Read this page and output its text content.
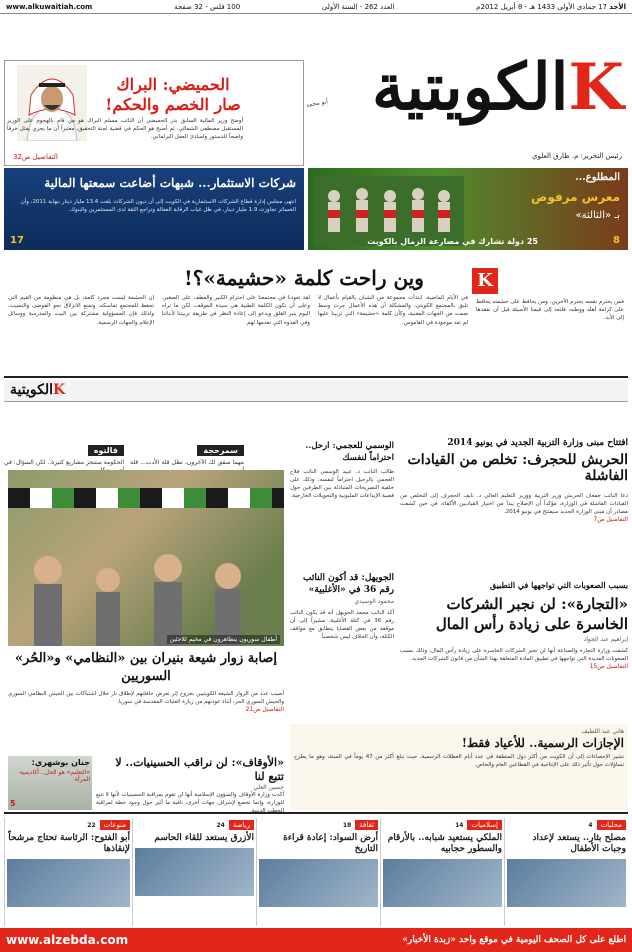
الأحد 17 جمادى الأولى 1433 هـ - 8 أبريل 2012م
العدد 262 - السنة الأولى
100 فلس - 32 صفحة
www.alkuwaitiah.com
Kالكويتية
رئيس التحرير: م. طارق العلوي
أبو محمد
الحميضي: البراك صار الخصم والحكم!
أوضح وزير المالية السابق بدر الحميضي أن النائب مسلم البراك هو من قام بالهجوم على الوزير المستقيل مصطفى الشمالي، ثم أصبح هو الحكم في قضية لجنة التحقيق، معتبراً أن ما يجري يمثل خرقاً واضحاً للدستور ولمبادئ العمل البرلماني.
التفاصيل ص32
شركات الاستثمار... شبهات أضاعت سمعتها المالية
انتهى مجلس إدارة قطاع الشركات الاستثمارية في الكويت إلى أن ديون الشركات بلغت 13.4 مليار دينار بنهاية 2011، وأن الخسائر تجاوزت 1.9 مليار دينار، في ظل غياب الرقابة الفعالة وتراجع الثقة لدى المستثمرين والبنوك.
17
المطلوع...
معرس مرفوض
بـ «الثالثة»
25 دولة تشارك في مصارعة الرمال بالكويت	8
K
وين راحت كلمة «حشيمة»؟!
في الأيام الماضية، ابتدأت مجموعة من الشبان بالقيام بأعمال لا تليق بالمجتمع الكويتي، والمشكلة أن هذه الأعمال جرت وسط صمت من الجهات المعنية، وكأن كلمة «حشيمة» التي تربينا عليها لم تعد موجودة في القاموس.
لقد تعودنا في مجتمعنا على احترام الكبير والعطف على الصغير، وعلى أن تكون الكلمة الطيبة هي سيدة الموقف، لكن ما نراه اليوم يثير القلق ويدعو إلى إعادة النظر في طريقة تربيتنا لأبنائنا وفي القدوة التي نقدمها لهم.
إن الحشمة ليست مجرد كلمة، بل هي منظومة من القيم التي تحفظ للمجتمع تماسكه، وتمنع الانزلاق نحو الفوضى والتسيب، ولذلك فإن المسؤولية مشتركة بين البيت والمدرسة ووسائل الإعلام والجهات الرسمية.
فمن يحترم نفسه يحترم الآخرين، ومن يحافظ على حشمته يحافظ على كرامة أهله ووطنه، فلنعد إلى قيمنا الأصيلة قبل أن نفقدها إلى الأبد.
Kالكويتية
سمرحجة
مهما صفق لك الآخرون، تظل قلة الأدب... قلة
فالتوه
الحكومة ستنجز مشاريع كثيرة.. لكن السؤال: في
افتتاح مبنى وزارة التربية الجديد في يونيو 2014
الحربش للحجرف: تخلص من القيادات الفاشلة
دعا النائب جمعان الحربش وزير التربية ووزير التعليم العالي د. نايف الحجرف إلى التخلص من القيادات الفاشلة في الوزارة، مؤكداً أن الإصلاح يبدأ من اختيار القياديين الأكفاء، في حين كشفت مصادر أن مبنى الوزارة الجديد سيفتتح في يونيو 2014.
التفاصيل ص7
الوسمي للعجمي: ارحل.. احتراماً لنفسك
طالب النائب د. عبيد الوسمي النائب فلاح العجمي بالرحيل احتراماً لنفسه، وذلك على خلفية التصريحات المتبادلة بين الطرفين حول قضية الإيداعات المليونية والتحويلات الخارجية.
أطفال سوريون يتظاهرون في مخيم للاجئين
بسبب الصعوبات التي تواجهها في التطبيق
«التجارة»: لن نجبر الشركات الخاسرة على زيادة رأس المال
إبراهيم عبد الجواد
كشفت وزارة التجارة والصناعة أنها لن تجبر الشركات الخاسرة على زيادة رأس المال، وذلك بسبب الصعوبات العديدة التي تواجهها في تطبيق المادة المتعلقة بهذا الشأن من قانون الشركات الجديد.
التفاصيل ص15
الجويهل: قد أكون النائب رقم 36 في «الأغلبية»
محمود الوسيدي
أكد النائب محمد الجويهل أنه قد يكون النائب رقم 36 في كتلة الأغلبية، مشيراً إلى أن موقفه من بعض القضايا يتطابق مع مواقف الكتلة، وأن الخلاف ليس شخصياً.
إصابة زوار شيعة بنيران بين «النظامي» و«الحُر» السوريين
أصيب عدد من الزوار الشيعة الكويتيين بجروح إثر تعرض حافلتهم لإطلاق نار خلال اشتباكات بين الجيش النظامي السوري والجيش السوري الحر، أثناء عودتهم من زيارة العتبات المقدسة في سوريا.
التفاصيل ص21
هاني عبد اللطيف
الإجازات الرسمية.. للأعياد فقط!
تشير الإحصاءات إلى أن الكويت من أكثر دول المنطقة في عدد أيام العطلات الرسمية، حيث تبلغ أكثر من 47 يوماً في السنة، وهو ما يطرح تساؤلات حول تأثير ذلك على الإنتاجية في القطاعين العام والخاص.
«الأوقاف»: لن نراقب الحسينيات.. لا تتبع لنا
حسين العلي
أكدت وزارة الأوقاف والشؤون الإسلامية أنها لن تقوم بمراقبة الحسينيات لأنها لا تتبع للوزارة، وإنما تخضع لإشراف جهات أخرى، نافية ما أثير حول وجود خطة لمراقبة الخطب الدينية.
جنان بوشهري:
«التعليم» هو الحل.. أكاديمية المرأة
5
محليات4
مصلح بثار.. يستعد لإعداد وجبات الأطفال
إسلاميات14
الملكي يستعيد شبابه.. بالأرقام والسطور حجابيه
ثقافة18
أرض السواد: إعادة قراءة التاريخ
رياضة24
الأزرق يستعد للقاء الحاسم
منوعات22
أبو الفتوح: الرئاسة تحتاج مرشحاً لإنقاذها
اطلع على كل الصحف اليومية في موقع واحد «زبدة الأخبار»
www.alzebda.com
